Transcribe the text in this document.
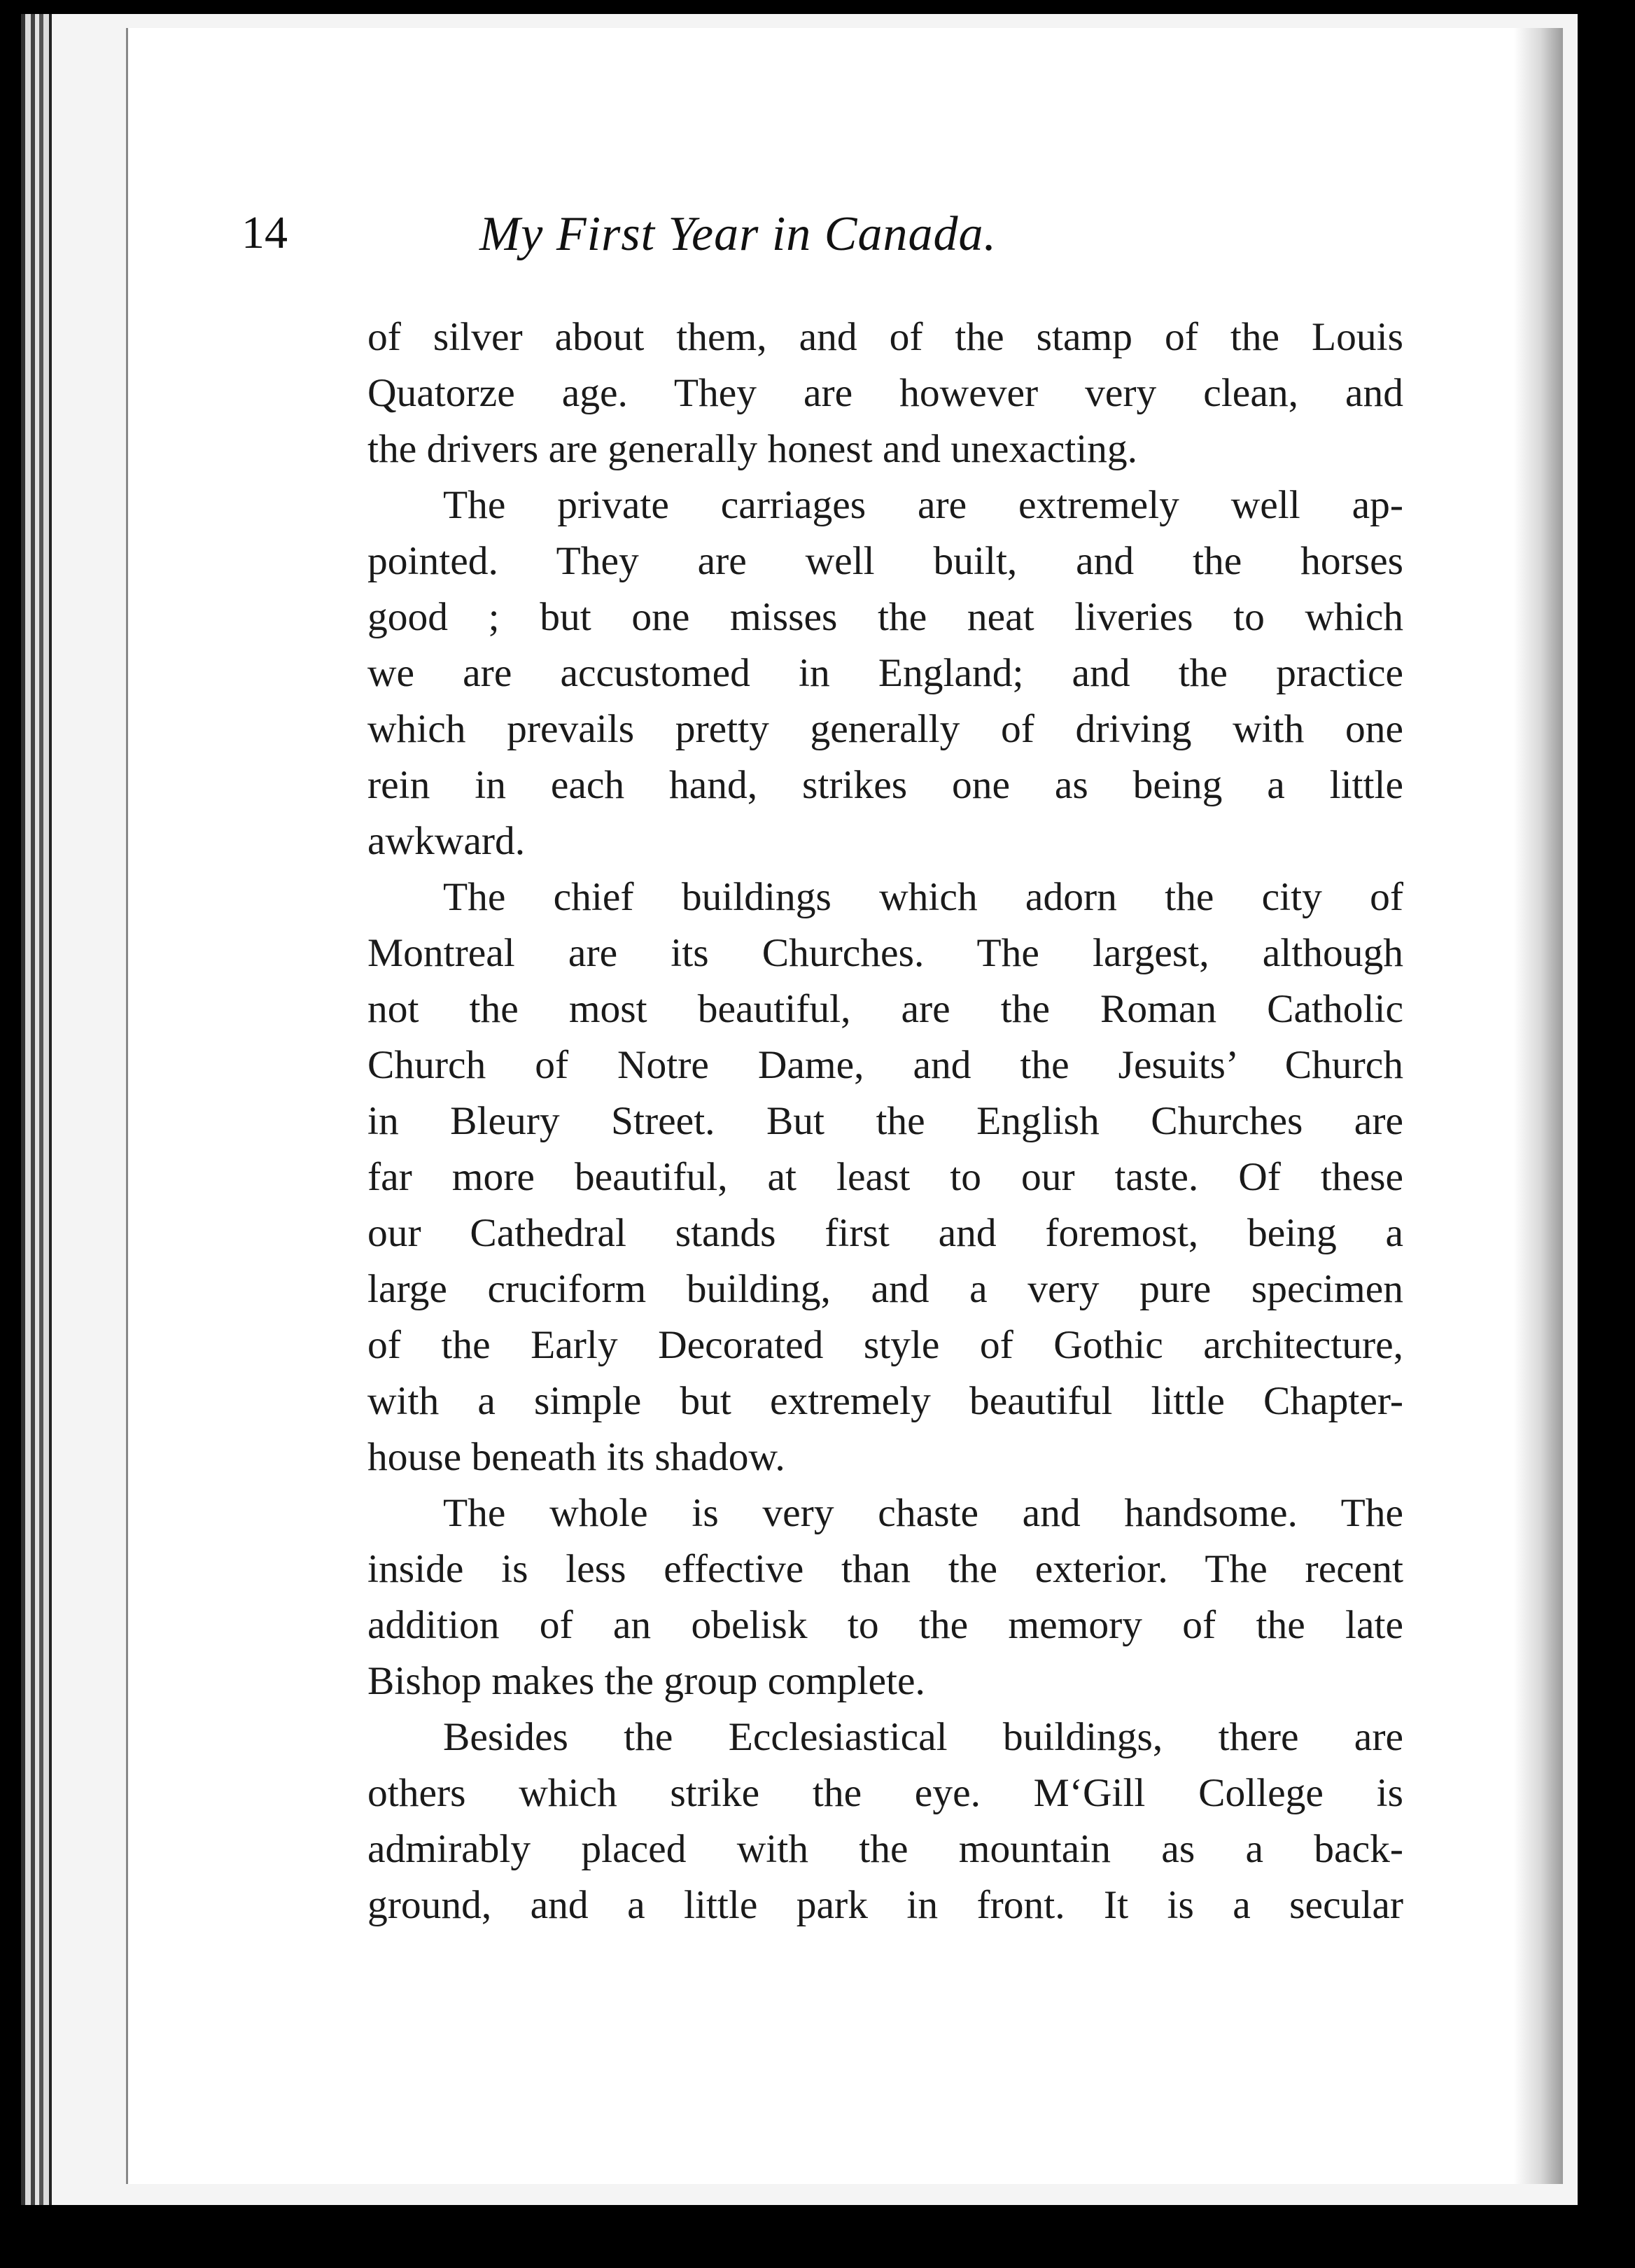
14	My First Year in Canada.
of silver about them, and of the stamp of the Louis
Quatorze age. They are however very clean, and
the drivers are generally honest and unexacting.
The private carriages are extremely well ap-
pointed. They are well built, and the horses
good ; but one misses the neat liveries to which
we are accustomed in England; and the practice
which prevails pretty generally of driving with one
rein in each hand, strikes one as being a little
awkward.
The chief buildings which adorn the city of
Montreal are its Churches. The largest, although
not the most beautiful, are the Roman Catholic
Church of Notre Dame, and the Jesuits’ Church
in Bleury Street. But the English Churches are
far more beautiful, at least to our taste. Of these
our Cathedral stands first and foremost, being a
large cruciform building, and a very pure specimen
of the Early Decorated style of Gothic architecture,
with a simple but extremely beautiful little Chapter-
house beneath its shadow.
The whole is very chaste and handsome. The
inside is less effective than the exterior. The recent
addition of an obelisk to the memory of the late
Bishop makes the group complete.
Besides the Ecclesiastical buildings, there are
others which strike the eye. M‘Gill College is
admirably placed with the mountain as a back-
ground, and a little park in front. It is a secular
